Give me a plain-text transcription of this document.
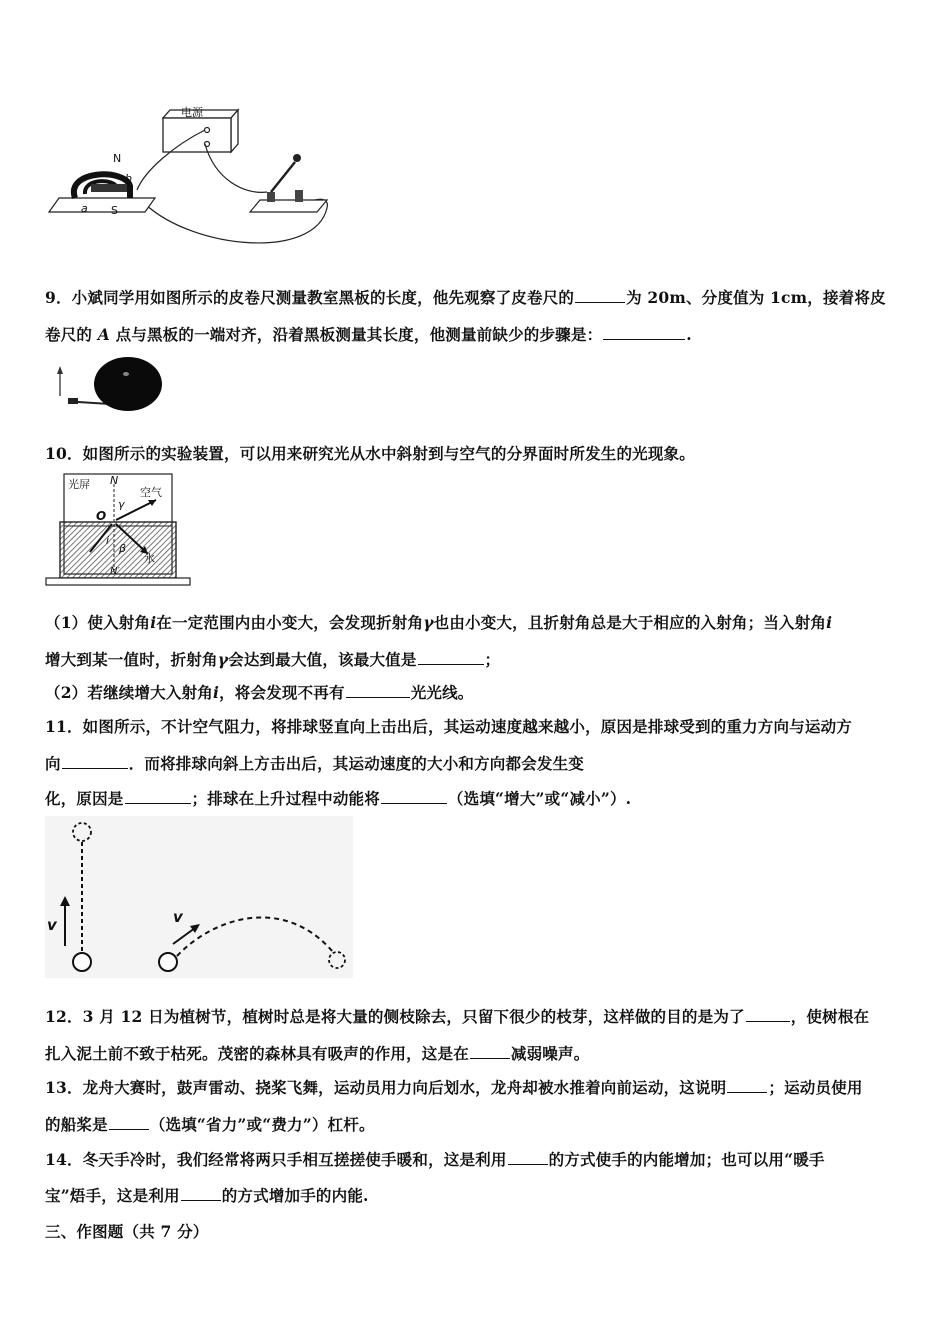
电源
N
S
a
b
9．小斌同学用如图所示的皮卷尺测量教室黑板的长度，他先观察了皮卷尺的	为 20m、分度值为 1cm，接着将皮
卷尺的 A 点与黑板的一端对齐，沿着黑板测量其长度，他测量前缺少的步骤是：	.
10．如图所示的实验装置，可以用来研究光从水中斜射到与空气的分界面时所发生的光现象。
光屏
空气
水
N
N′
O
γ
i
β
（1）使入射角i在一定范围内由小变大，会发现折射角γ也由小变大，且折射角总是大于相应的入射角；当入射角i
增大到某一值时，折射角γ会达到最大值，该最大值是	；
（2）若继续增大入射角i，将会发现不再有	光光线。
11．如图所示，不计空气阻力，将排球竖直向上击出后，其运动速度越来越小，原因是排球受到的重力方向与运动方
向	．而将排球向斜上方击出后，其运动速度的大小和方向都会发生变
化，原因是	；排球在上升过程中动能将	（选填“增大”或“减小”）.
v	v
12．3 月 12 日为植树节，植树时总是将大量的侧枝除去，只留下很少的枝芽，这样做的目的是为了	，使树根在
扎入泥土前不致于枯死。茂密的森林具有吸声的作用，这是在	减弱噪声。
13．龙舟大赛时，鼓声雷动、挠桨飞舞，运动员用力向后划水，龙舟却被水推着向前运动，这说明	；运动员使用
的船桨是	（选填“省力”或“费力”）杠杆。
14．冬天手冷时，我们经常将两只手相互搓搓使手暖和，这是利用	的方式使手的内能增加；也可以用“暖手
宝”焐手，这是利用	的方式增加手的内能.
三、作图题（共 7 分）
